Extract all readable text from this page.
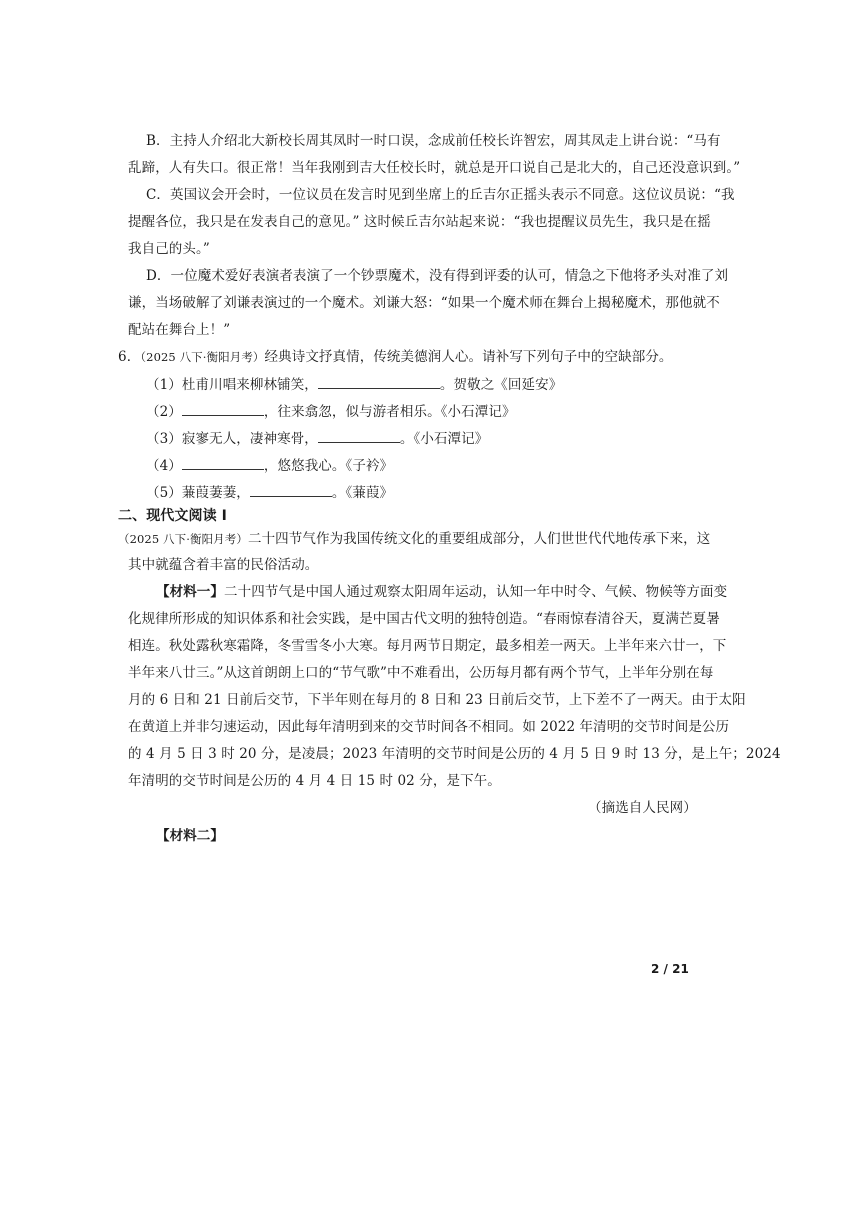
B．主持人介绍北大新校长周其凤时一时口误，念成前任校长许智宏，周其凤走上讲台说：“马有
乱蹄，人有失口。很正常！当年我刚到吉大任校长时，就总是开口说自己是北大的，自己还没意识到。”
C．英国议会开会时，一位议员在发言时见到坐席上的丘吉尔正摇头表示不同意。这位议员说：“我
提醒各位，我只是在发表自己的意见。” 这时候丘吉尔站起来说：“我也提醒议员先生，我只是在摇
我自己的头。”
D．一位魔术爱好表演者表演了一个钞票魔术，没有得到评委的认可，情急之下他将矛头对准了刘
谦，当场破解了刘谦表演过的一个魔术。刘谦大怒：“如果一个魔术师在舞台上揭秘魔术，那他就不
配站在舞台上！”
6．（2025 八下·衡阳月考）经典诗文抒真情，传统美德润人心。请补写下列句子中的空缺部分。
（1）杜甫川唱来柳林铺笑，	。贺敬之《回延安》
（2）	，往来翕忽，似与游者相乐。《小石潭记》
（3）寂寥无人，凄神寒骨，	。《小石潭记》
（4）	，悠悠我心。《子衿》
（5）蒹葭萋萋，	。《蒹葭》
二、现代文阅读 I
（2025 八下·衡阳月考）二十四节气作为我国传统文化的重要组成部分，人们世世代代地传承下来，这
其中就蕴含着丰富的民俗活动。
【材料一】二十四节气是中国人通过观察太阳周年运动，认知一年中时令、气候、物候等方面变
化规律所形成的知识体系和社会实践，是中国古代文明的独特创造。“春雨惊春清谷天，夏满芒夏暑
相连。秋处露秋寒霜降，冬雪雪冬小大寒。每月两节日期定，最多相差一两天。上半年来六廿一，下
半年来八廿三。”从这首朗朗上口的“节气歌”中不难看出，公历每月都有两个节气，上半年分别在每
月的 6 日和 21 日前后交节，下半年则在每月的 8 日和 23 日前后交节，上下差不了一两天。由于太阳
在黄道上并非匀速运动，因此每年清明到来的交节时间各不相同。如 2022 年清明的交节时间是公历
的 4 月 5 日 3 时 20 分，是凌晨；2023 年清明的交节时间是公历的 4 月 5 日 9 时 13 分，是上午；2024
年清明的交节时间是公历的 4 月 4 日 15 时 02 分，是下午。
（摘选自人民网）
【材料二】
2 / 21
